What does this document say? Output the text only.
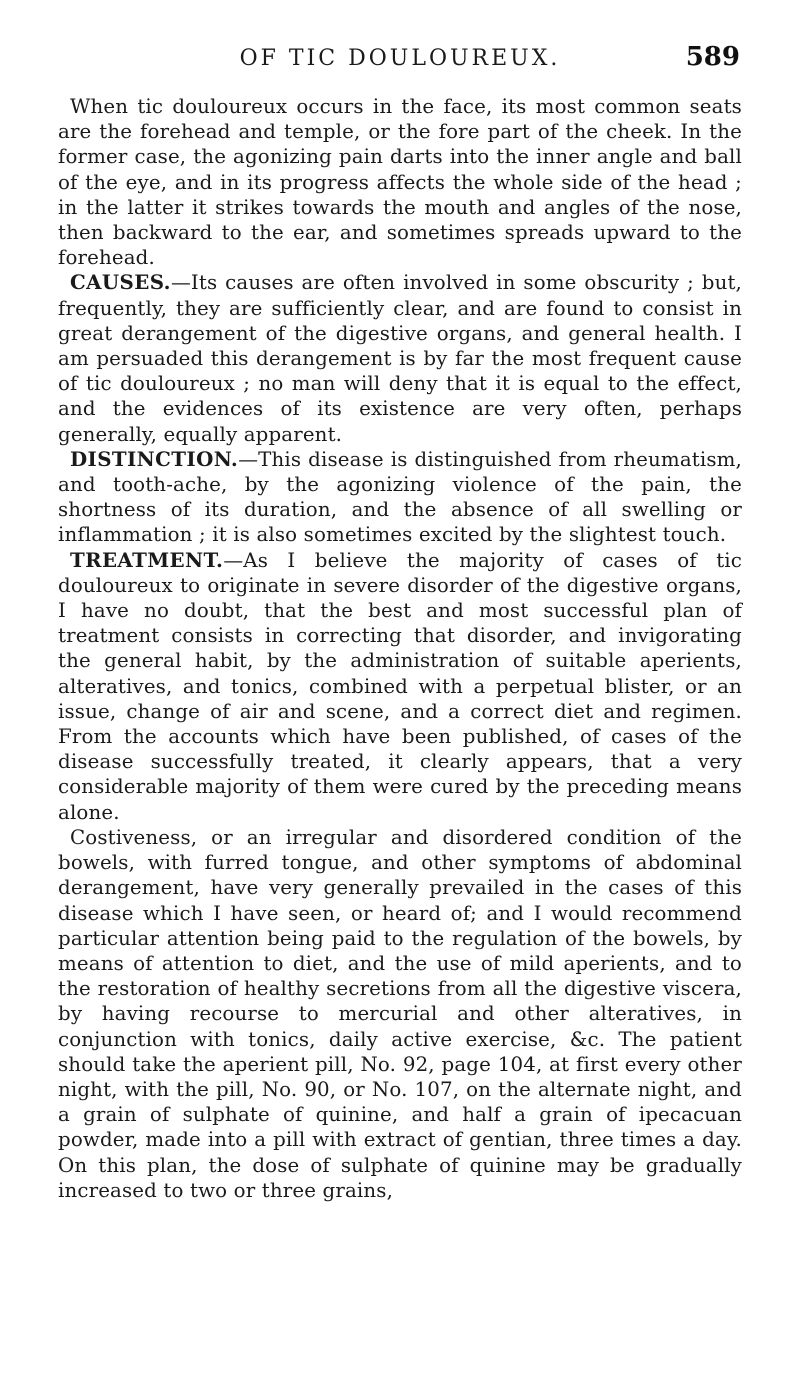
OF TIC DOULOUREUX.	589

When tic douloureux occurs in the face, its most common seats are the forehead and temple, or the fore part of the cheek. In the former case, the agonizing pain darts into the inner angle and ball of the eye, and in its progress affects the whole side of the head ; in the latter it strikes towards the mouth and angles of the nose, then backward to the ear, and sometimes spreads upward to the forehead.

CAUSES.—Its causes are often involved in some obscurity ; but, frequently, they are sufficiently clear, and are found to consist in great derangement of the digestive organs, and general health. I am persuaded this derangement is by far the most frequent cause of tic douloureux ; no man will deny that it is equal to the effect, and the evidences of its existence are very often, perhaps generally, equally apparent.

DISTINCTION.—This disease is distinguished from rheumatism, and tooth-ache, by the agonizing violence of the pain, the shortness of its duration, and the absence of all swelling or inflammation ; it is also sometimes excited by the slightest touch.

TREATMENT.—As I believe the majority of cases of tic douloureux to originate in severe disorder of the digestive organs, I have no doubt, that the best and most successful plan of treatment consists in correcting that disorder, and invigorating the general habit, by the administration of suitable aperients, alteratives, and tonics, combined with a perpetual blister, or an issue, change of air and scene, and a correct diet and regimen. From the accounts which have been published, of cases of the disease successfully treated, it clearly appears, that a very considerable majority of them were cured by the preceding means alone.

Costiveness, or an irregular and disordered condition of the bowels, with furred tongue, and other symptoms of abdominal derangement, have very generally prevailed in the cases of this disease which I have seen, or heard of; and I would recommend particular attention being paid to the regulation of the bowels, by means of attention to diet, and the use of mild aperients, and to the restoration of healthy secretions from all the digestive viscera, by having recourse to mercurial and other alteratives, in conjunction with tonics, daily active exercise, &c. The patient should take the aperient pill, No. 92, page 104, at first every other night, with the pill, No. 90, or No. 107, on the alternate night, and a grain of sulphate of quinine, and half a grain of ipecacuan powder, made into a pill with extract of gentian, three times a day. On this plan, the dose of sulphate of quinine may be gradually increased to two or three grains,
